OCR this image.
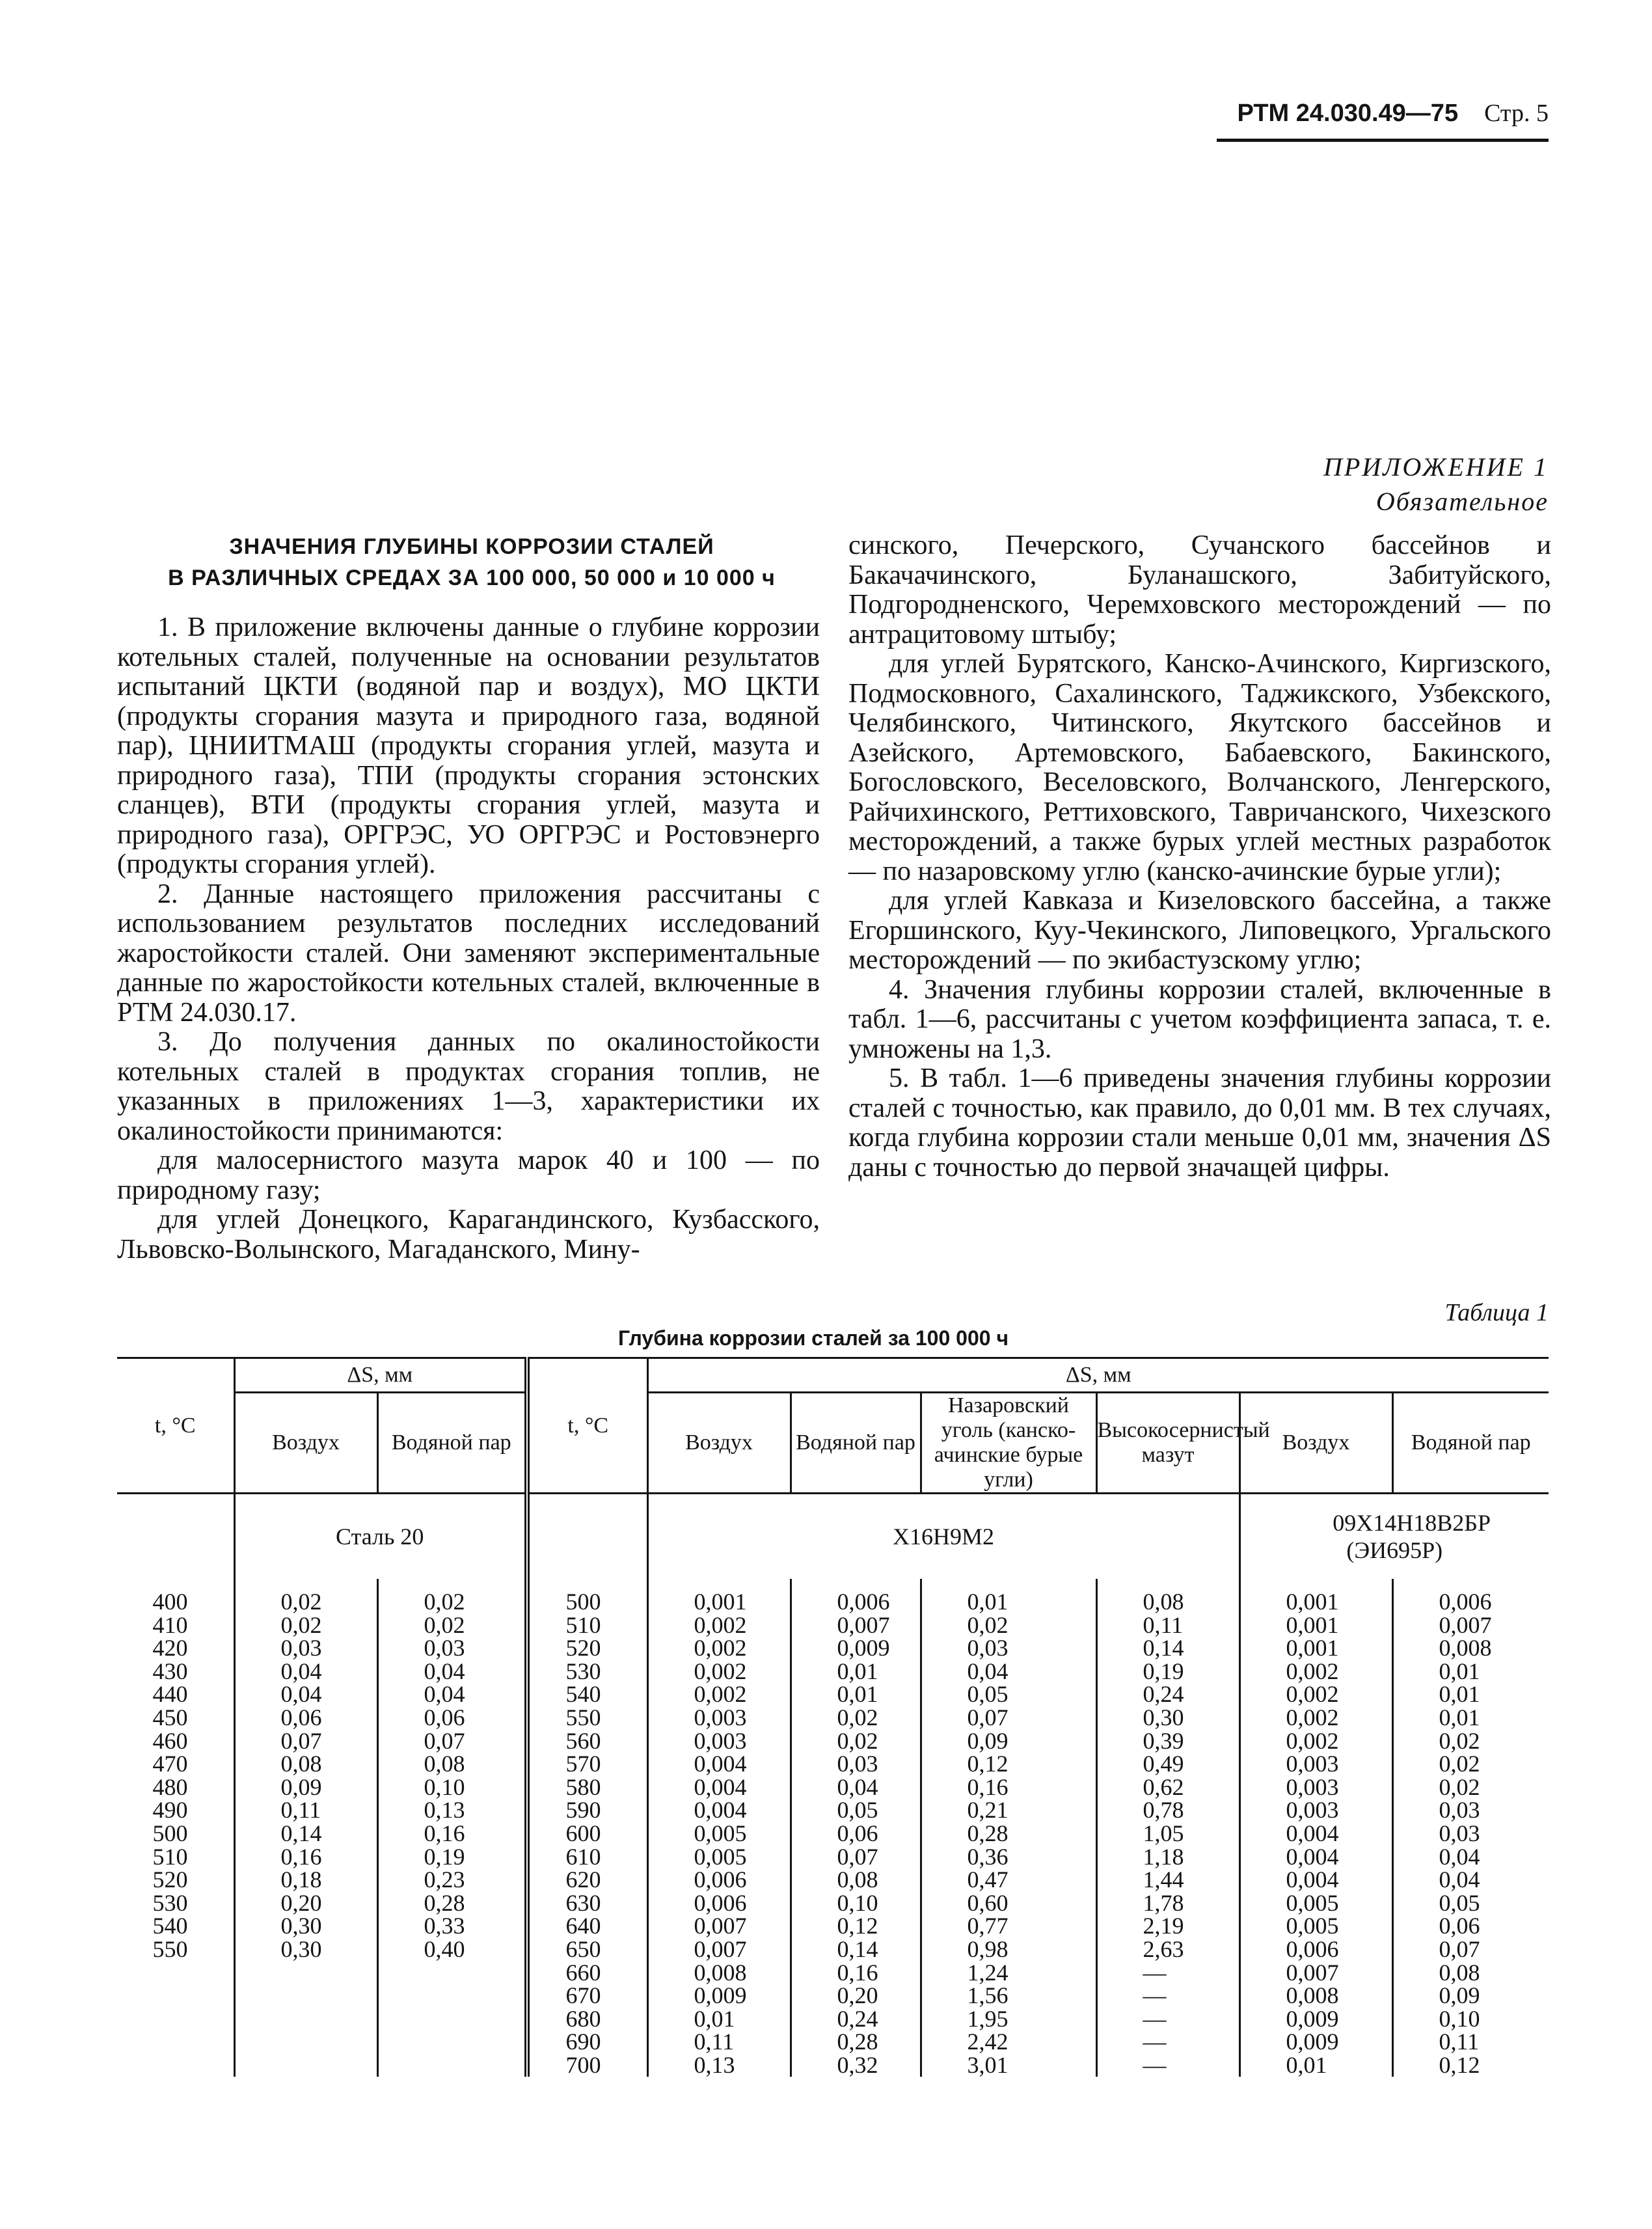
РТМ 24.030.49—75 Стр. 5
ПРИЛОЖЕНИЕ 1
Обязательное
ЗНАЧЕНИЯ ГЛУБИНЫ КОРРОЗИИ СТАЛЕЙ
В РАЗЛИЧНЫХ СРЕДАХ ЗА 100 000, 50 000 и 10 000 ч

1. В приложение включены данные о глубине коррозии котельных сталей, полученные на основании результатов испытаний ЦКТИ (водяной пар и воздух), МО ЦКТИ (продукты сгорания мазута и природного газа, водяной пар), ЦНИИТМАШ (продукты сгорания углей, мазута и природного газа), ТПИ (продукты сгорания эстонских сланцев), ВТИ (продукты сгорания углей, мазута и природного газа), ОРГРЭС, УО ОРГРЭС и Ростовэнерго (продукты сгорания углей).

2. Данные настоящего приложения рассчитаны с использованием результатов последних исследований жаростойкости сталей. Они заменяют экспериментальные данные по жаростойкости котельных сталей, включенные в РТМ 24.030.17.

3. До получения данных по окалиностойкости котельных сталей в продуктах сгорания топлив, не указанных в приложениях 1—3, характеристики их окалиностойкости принимаются:

для малосернистого мазута марок 40 и 100 — по природному газу;

для углей Донецкого, Карагандинского, Кузбасского, Львовско-Волынского, Магаданского, Мину-

синского, Печерского, Сучанского бассейнов и Бакачачинского, Буланашского, Забитуйского, Подгородненского, Черемховского месторождений — по антрацитовому штыбу;

для углей Бурятского, Канско-Ачинского, Киргизского, Подмосковного, Сахалинского, Таджикского, Узбекского, Челябинского, Читинского, Якутского бассейнов и Азейского, Артемовского, Бабаевского, Бакинского, Богословского, Веселовского, Волчанского, Ленгерского, Райчихинского, Реттиховского, Тавричанского, Чихезского месторождений, а также бурых углей местных разработок — по назаровскому углю (канско-ачинские бурые угли);

для углей Кавказа и Кизеловского бассейна, а также Егоршинского, Куу-Чекинского, Липовецкого, Ургальского месторождений — по экибастузскому углю;

4. Значения глубины коррозии сталей, включенные в табл. 1—6, рассчитаны с учетом коэффициента запаса, т. е. умножены на 1,3.

5. В табл. 1—6 приведены значения глубины коррозии сталей с точностью, как правило, до 0,01 мм. В тех случаях, когда глубина коррозии стали меньше 0,01 мм, значения ΔS даны с точностью до первой значащей цифры.

Таблица 1
Глубина коррозии сталей за 100 000 ч
t, °C	ΔS, мм		t, °C	ΔS, мм					
	Воздух	Водяной пар		Воздух	Водяной пар	Назаровский уголь (канско-ачинские бурые угли)	Высокосернистый мазут	Воздух	Водяной пар
	Сталь 20			Х16Н9М2				09Х14Н18В2БР (ЭИ695Р)	
400	0,02	0,02	500	0,001	0,006	0,01	0,08	0,001	0,006
410	0,02	0,02	510	0,002	0,007	0,02	0,11	0,001	0,007
420	0,03	0,03	520	0,002	0,009	0,03	0,14	0,001	0,008
430	0,04	0,04	530	0,002	0,01	0,04	0,19	0,002	0,01
440	0,04	0,04	540	0,002	0,01	0,05	0,24	0,002	0,01
450	0,06	0,06	550	0,003	0,02	0,07	0,30	0,002	0,01
460	0,07	0,07	560	0,003	0,02	0,09	0,39	0,002	0,02
470	0,08	0,08	570	0,004	0,03	0,12	0,49	0,003	0,02
480	0,09	0,10	580	0,004	0,04	0,16	0,62	0,003	0,02
490	0,11	0,13	590	0,004	0,05	0,21	0,78	0,003	0,03
500	0,14	0,16	600	0,005	0,06	0,28	1,05	0,004	0,03
510	0,16	0,19	610	0,005	0,07	0,36	1,18	0,004	0,04
520	0,18	0,23	620	0,006	0,08	0,47	1,44	0,004	0,04
530	0,20	0,28	630	0,006	0,10	0,60	1,78	0,005	0,05
540	0,30	0,33	640	0,007	0,12	0,77	2,19	0,005	0,06
550	0,30	0,40	650	0,007	0,14	0,98	2,63	0,006	0,07
			660	0,008	0,16	1,24	—	0,007	0,08
			670	0,009	0,20	1,56	—	0,008	0,09
			680	0,01	0,24	1,95	—	0,009	0,10
			690	0,11	0,28	2,42	—	0,009	0,11
			700	0,13	0,32	3,01	—	0,01	0,12
